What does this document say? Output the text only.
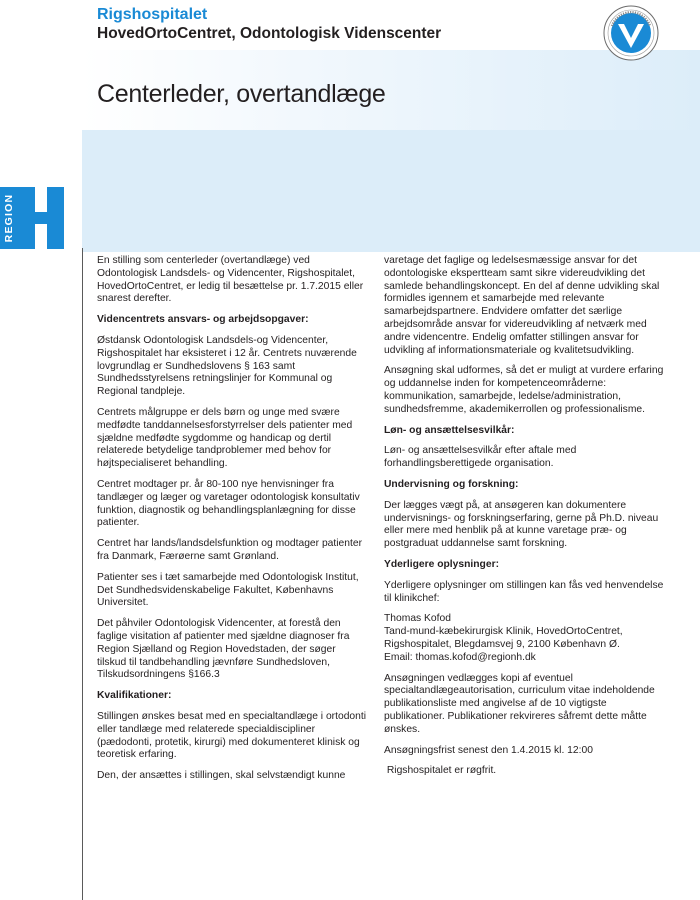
Rigshospitalet
HovedOrtoCentret, Odontologisk Videnscenter
Centerleder, overtandlæge
REGION

En stilling som centerleder (overtandlæge) ved Odontologisk Landsdels- og Videncenter, Rigshospitalet, HovedOrtoCentret, er ledig til besættelse pr. 1.7.2015 eller snarest derefter.

Videncentrets ansvars- og arbejdsopgaver:

Østdansk Odontologisk Landsdels-og Videncenter, Rigshospitalet har eksisteret i 12 år. Centrets nuværende lovgrundlag er Sundhedslovens § 163 samt Sundhedsstyrelsens retningslinjer for Kommunal og Regional tandpleje.

Centrets målgruppe er dels børn og unge med svære medfødte tanddannelsesforstyrrelser dels patienter med sjældne medfødte sygdomme og handicap og dertil relaterede betydelige tandproblemer med behov for højtspecialiseret behandling.

Centret modtager pr. år 80-100 nye henvisninger fra tandlæger og læger og varetager odontologisk konsultativ funktion, diagnostik og behandlingsplanlægning for disse patienter.

Centret har lands/landsdelsfunktion og modtager patienter fra Danmark, Færøerne samt Grønland.

Patienter ses i tæt samarbejde med Odontologisk Institut, Det Sundhedsvidenskabelige Fakultet, Københavns Universitet.

Det påhviler Odontologisk Videncenter, at forestå den faglige visitation af patienter med sjældne diagnoser fra Region Sjælland og Region Hovedstaden, der søger tilskud til tandbehandling jævnføre Sundhedsloven, Tilskudsordningens §166.3

Kvalifikationer:

Stillingen ønskes besat med en specialtandlæge i ortodonti eller tandlæge med relaterede specialdiscipliner (pædodonti, protetik, kirurgi) med dokumenteret klinisk og teoretisk erfaring.

Den, der ansættes i stillingen, skal selvstændigt kunne

varetage det faglige og ledelsesmæssige ansvar for det odontologiske ekspertteam samt sikre videreudvikling det samlede behandlingskoncept. En del af denne udvikling skal formidles igennem et samarbejde med relevante samarbejdspartnere. Endvidere omfatter det særlige arbejdsområde ansvar for videreudvikling af netværk med andre videncentre. Endelig omfatter stillingen ansvar for udvikling af informationsmateriale og kvalitetsudvikling.

Ansøgning skal udformes, så det er muligt at vurdere erfaring og uddannelse inden for kompetenceområderne: kommunikation, samarbejde, ledelse/administration, sundhedsfremme, akademikerrollen og professionalisme.

Løn- og ansættelsesvilkår:

Løn- og ansættelsesvilkår efter aftale med forhandlingsberettigede organisation.

Undervisning og forskning:

Der lægges vægt på, at ansøgeren kan dokumentere undervisnings- og forskningserfaring, gerne på Ph.D. niveau eller mere med henblik på at kunne varetage præ- og postgraduat uddannelse samt forskning.

Yderligere oplysninger:

Yderligere oplysninger om stillingen kan fås ved henvendelse til klinikchef:

Thomas Kofod

Tand-mund-kæbekirurgisk Klinik, HovedOrtoCentret,

Rigshospitalet, Blegdamsvej 9, 2100 København Ø.

Email: thomas.kofod@regionh.dk

Ansøgningen vedlægges kopi af eventuel specialtandlægeautorisation, curriculum vitae indeholdende publikationsliste med angivelse af de 10 vigtigste publikationer. Publikationer rekvireres såfremt dette måtte ønskes.

Ansøgningsfrist senest den 1.4.2015 kl. 12:00

Rigshospitalet er røgfrit.
